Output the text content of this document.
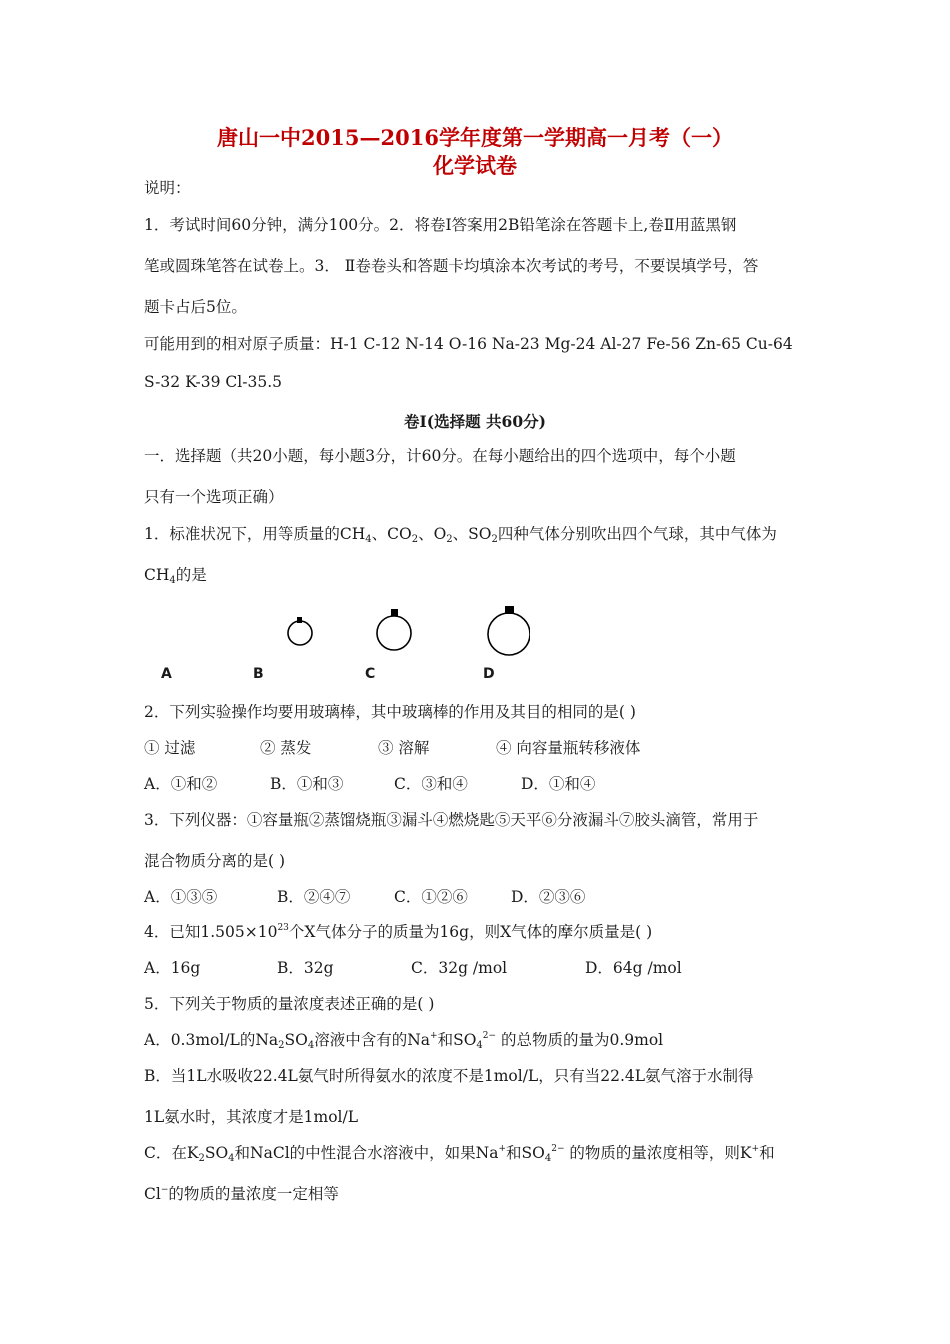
唐山一中2015—2016学年度第一学期高一月考（一）
化学试卷
说明：
1．考试时间60分钟，满分100分。2．将卷Ⅰ答案用2B铅笔涂在答题卡上,卷Ⅱ用蓝黑钢
笔或圆珠笔答在试卷上。3． Ⅱ卷卷头和答题卡均填涂本次考试的考号，不要误填学号，答
题卡占后5位。
可能用到的相对原子质量：H-1 C-12 N-14 O-16 Na-23 Mg-24 Al-27 Fe-56 Zn-65 Cu-64
S-32 K-39 Cl-35.5
卷Ⅰ(选择题 共60分)
一．选择题（共20小题，每小题3分，计60分。在每小题给出的四个选项中，每个小题
只有一个选项正确）
1．标准状况下，用等质量的$CH_4$、$CO_2$、$O_2$、$SO_2$四种气体分别吹出四个气球，其中气体为
$CH_4$的是
A	B	C	D
2．下列实验操作均要用玻璃棒，其中玻璃棒的作用及其目的相同的是( )
① 过滤	② 蒸发	③ 溶解	④ 向容量瓶转移液体
A．①和②	B．①和③	C．③和④	D．①和④
3．下列仪器：①容量瓶②蒸馏烧瓶③漏斗④燃烧匙⑤天平⑥分液漏斗⑦胶头滴管，常用于
混合物质分离的是( )
A．①③⑤	B．②④⑦	C．①②⑥	D．②③⑥
4．已知$1.505\times 10^{23}$个X气体分子的质量为16g，则X气体的摩尔质量是( )
A．16g	B．32g	C．32g /mol	D．64g /mol
5．下列关于物质的量浓度表述正确的是( )
A．0.3mol/L的$Na_2SO_4$溶液中含有的Na+和$SO_4^{2-}$ 的总物质的量为0.9mol
B．当1L水吸收22.4L氨气时所得氨水的浓度不是1mol/L，只有当22.4L氨气溶于水制得
1L氨水时，其浓度才是1mol/L
C．在$K_2SO_4$和NaCl的中性混合水溶液中，如果Na+和$SO_4^{2-}$ 的物质的量浓度相等，则K+和
Cl−的物质的量浓度一定相等
